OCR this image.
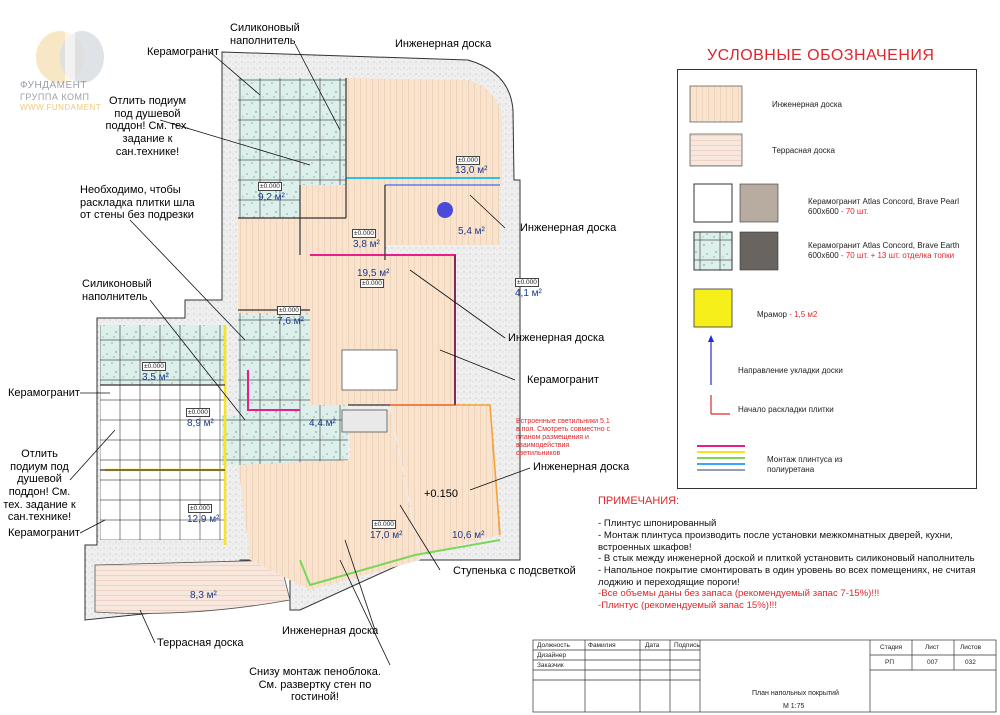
ФУНДАМЕНТ
ГРУППА КОМП
WWW.FUNDAMENT
Керамогранит
Силиконовый наполнитель	Инженерная доска
Отлить подиум под душевой поддон! См. тех. задание к сан.технике!
Необходимо, чтобы раскладка плитки шла от стены без подрезки
Инженерная доска
Силиконовый наполнитель
Инженерная доска
Керамогранит
Керамогранит
Встроенные светильники 5.1 в пол. Смотреть совместно с планом размещения и взаимодействия светильников
Отлить подиум под душевой поддон! См. тех. задание к сан.технике!
Инженерная доска
+0.150
Керамогранит
Ступенька с подсветкой
Террасная доска
Инженерная доска
Снизу монтаж пеноблока. См. развертку стен по гостиной!
13,0 м²
±0.000
9,2 м²
±0.000
3,8 м²
±0.000	5,4 м²
19,5 м²
±0.000
4,1 м²
±0.000
7,6 м²
±0.000
3,5 м²
±0.000
8,9 м²
±0.000
4,4 м²
10,6 м²
12,9 м²
±0.000
17,0 м²
±0.000
8,3 м²
УСЛОВНЫЕ ОБОЗНАЧЕНИЯ
Инженерная доска
Террасная доска
Керамогранит Atlas Concord, Brave Pearl 600х600 - 70 шт.
Керамогранит Atlas Concord, Brave Earth 600х600 - 70 шт. + 13 шт. отделка топки
Мрамор - 1,5 м2
Направление укладки доски
Начало раскладки плитки
Монтаж плинтуса из полиуретана
ПРИМЕЧАНИЯ:
- Плинтус шпонированный
- Монтаж плинтуса производить после установки межкомнатных дверей, кухни, встроенных шкафов!
- В стык между инженерной доской и плиткой установить силиконовый наполнитель
- Напольное покрытие смонтировать в один уровень во всех помещениях, не считая лоджию и переходящие пороги!
-Все объемы даны без запаса (рекомендуемый запас 7-15%)!!!
-Плинтус (рекомендуемый запас 15%)!!!
Должность	Фамилия	Дата Подпись
Дизайнер
Заказчик
Стадия	Лист	Листов
РП	007	032
План напольных покрытий
М 1:75
